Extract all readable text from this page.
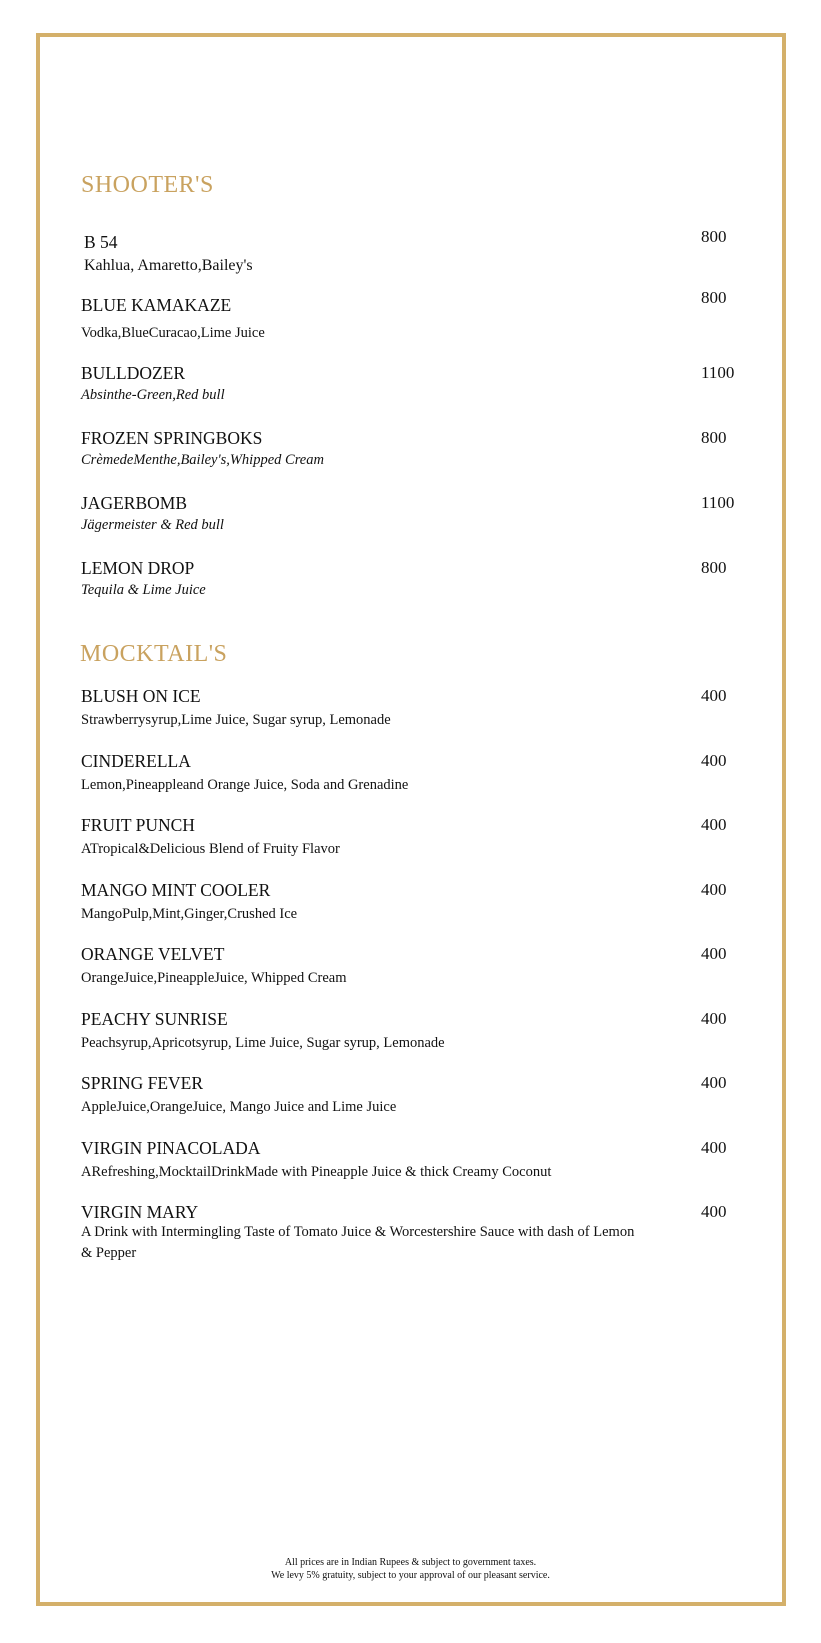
SHOOTER'S
B 54
Kahlua, Amaretto,Bailey's
800
BLUE KAMAKAZE
Vodka,BlueCuracao,Lime Juice
800
BULLDOZER
Absinthe-Green,Red bull
1100
FROZEN SPRINGBOKS
CrèmedeMenthe,Bailey's,Whipped Cream
800
JAGERBOMB
Jägermeister & Red bull
1100
LEMON DROP
Tequila & Lime Juice
800
MOCKTAIL'S
BLUSH ON ICE
Strawberrysyrup,Lime Juice, Sugar syrup, Lemonade
400
CINDERELLA
Lemon,Pineappleand Orange Juice, Soda and Grenadine
400
FRUIT PUNCH
ATropical&Delicious Blend of Fruity Flavor
400
MANGO MINT COOLER
MangoPulp,Mint,Ginger,Crushed Ice
400
ORANGE VELVET
OrangeJuice,PineappleJuice, Whipped Cream
400
PEACHY SUNRISE
Peachsyrup,Apricotsyrup, Lime Juice, Sugar syrup, Lemonade
400
SPRING FEVER
AppleJuice,OrangeJuice, Mango Juice and Lime Juice
400
VIRGIN PINACOLADA
ARefreshing,MocktailDrinkMade with Pineapple Juice & thick Creamy Coconut
400
VIRGIN MARY
A Drink with Intermingling Taste of Tomato Juice & Worcestershire Sauce with dash of Lemon & Pepper
400
All prices are in Indian Rupees & subject to government taxes.
We levy 5% gratuity, subject to your approval of our pleasant service.
